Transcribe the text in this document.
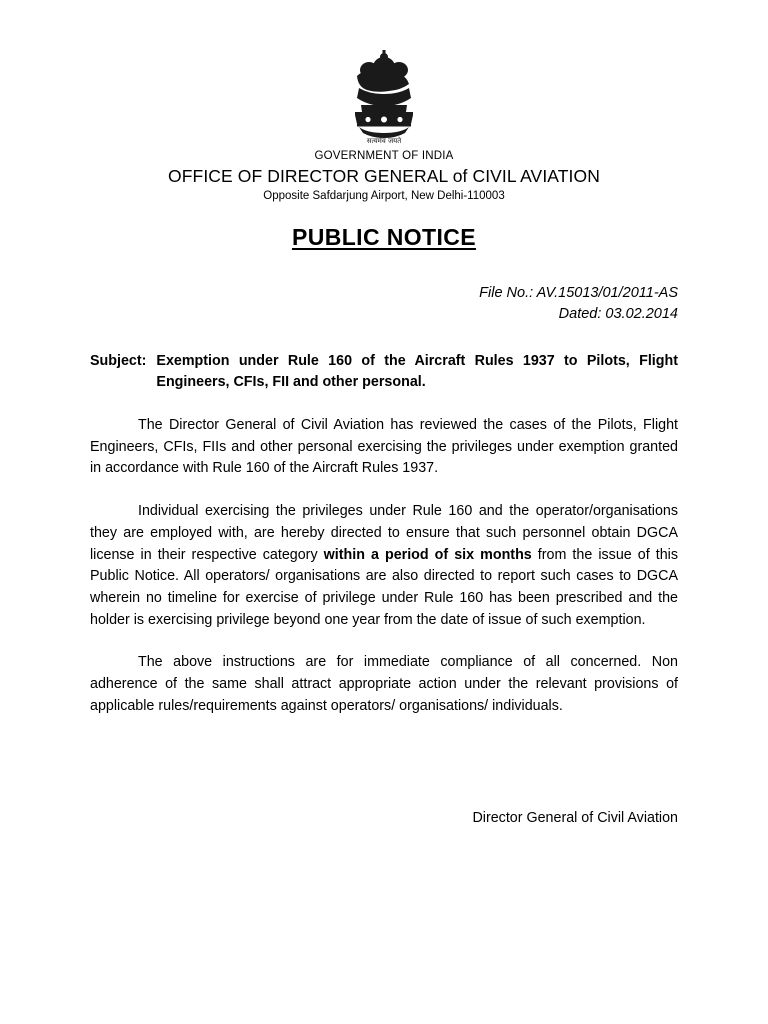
सत्यमेव जयते
GOVERNMENT OF INDIA
OFFICE OF DIRECTOR GENERAL of CIVIL AVIATION
Opposite Safdarjung Airport, New Delhi-110003
PUBLIC NOTICE
File No.: AV.15013/01/2011-AS
Dated: 03.02.2014
Subject: Exemption under Rule 160 of the Aircraft Rules 1937 to Pilots, Flight Engineers, CFIs, FII and other personal.

The Director General of Civil Aviation has reviewed the cases of the Pilots, Flight Engineers, CFIs, FIIs and other personal exercising the privileges under exemption granted in accordance with Rule 160 of the Aircraft Rules 1937.

Individual exercising the privileges under Rule 160 and the operator/organisations they are employed with, are hereby directed to ensure that such personnel obtain DGCA license in their respective category within a period of six months from the issue of this Public Notice. All operators/ organisations are also directed to report such cases to DGCA wherein no timeline for exercise of privilege under Rule 160 has been prescribed and the holder is exercising privilege beyond one year from the date of issue of such exemption.

The above instructions are for immediate compliance of all concerned. Non adherence of the same shall attract appropriate action under the relevant provisions of applicable rules/requirements against operators/ organisations/ individuals.

Director General of Civil Aviation
